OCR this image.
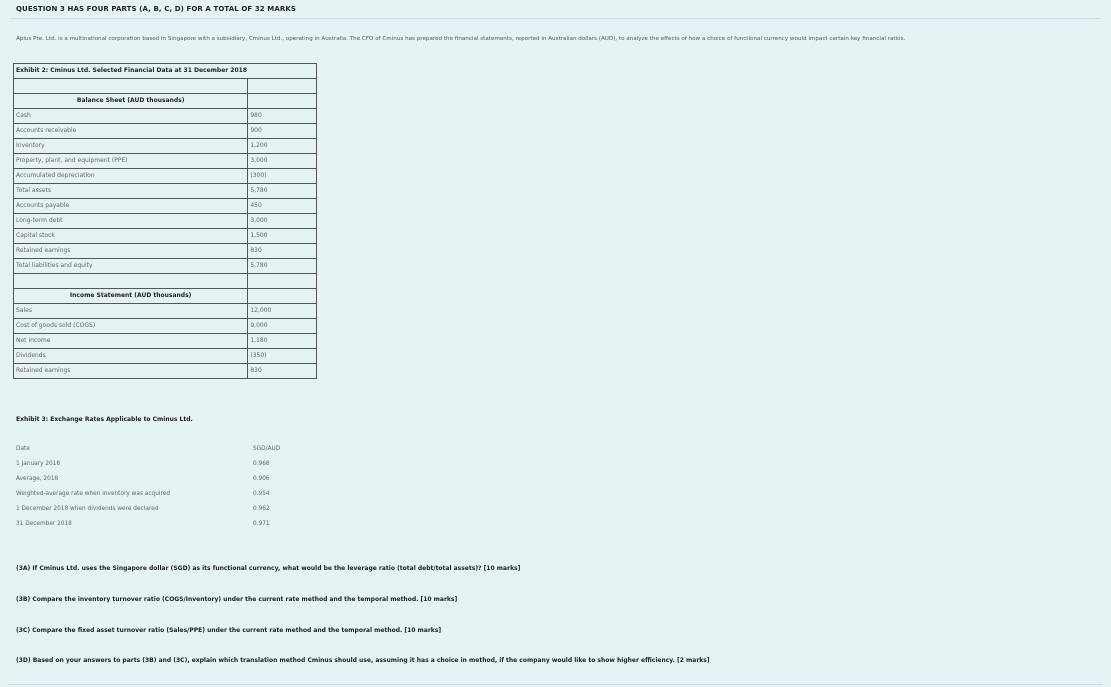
QUESTION 3 HAS FOUR PARTS (A, B, C, D) FOR A TOTAL OF 32 MARKS
Aplus Pte. Ltd. is a multinational corporation based in Singapore with a subsidiary, Cminus Ltd., operating in Australia. The CFO of Cminus has prepared the financial statements, reported in Australian dollars (AUD), to analyze the effects of how a choice of functional currency would impact certain key financial ratios.
Exhibit 2: Cminus Ltd. Selected Financial Data at 31 December 2018	

Balance Sheet (AUD thousands)	
Cash	980
Accounts receivable	900
Inventory	1,200
Property, plant, and equipment (PPE)	3,000
Accumulated depreciation	(300)
Total assets	5,780
Accounts payable	450
Long-term debt	3,000
Capital stock	1,500
Retained earnings	830
Total liabilities and equity	5,780

Income Statement (AUD thousands)	
Sales	12,000
Cost of goods sold (COGS)	9,000
Net income	1,180
Dividends	(350)
Retained earnings	830
Exhibit 3: Exchange Rates Applicable to Cminus Ltd.
Date	SGD/AUD
1 January 2018	0.968
Average, 2018	0.906
Weighted-average rate when inventory was acquired	0.954
1 December 2018 when dividends were declared	0.962
31 December 2018	0.971
(3A) If Cminus Ltd. uses the Singapore dollar (SGD) as its functional currency, what would be the leverage ratio (total debt/total assets)? [10 marks]
(3B) Compare the inventory turnover ratio (COGS/Inventory) under the current rate method and the temporal method. [10 marks]
(3C) Compare the fixed asset turnover ratio (Sales/PPE) under the current rate method and the temporal method. [10 marks]
(3D) Based on your answers to parts (3B) and (3C), explain which translation method Cminus should use, assuming it has a choice in method, if the company would like to show higher efficiency. [2 marks]
